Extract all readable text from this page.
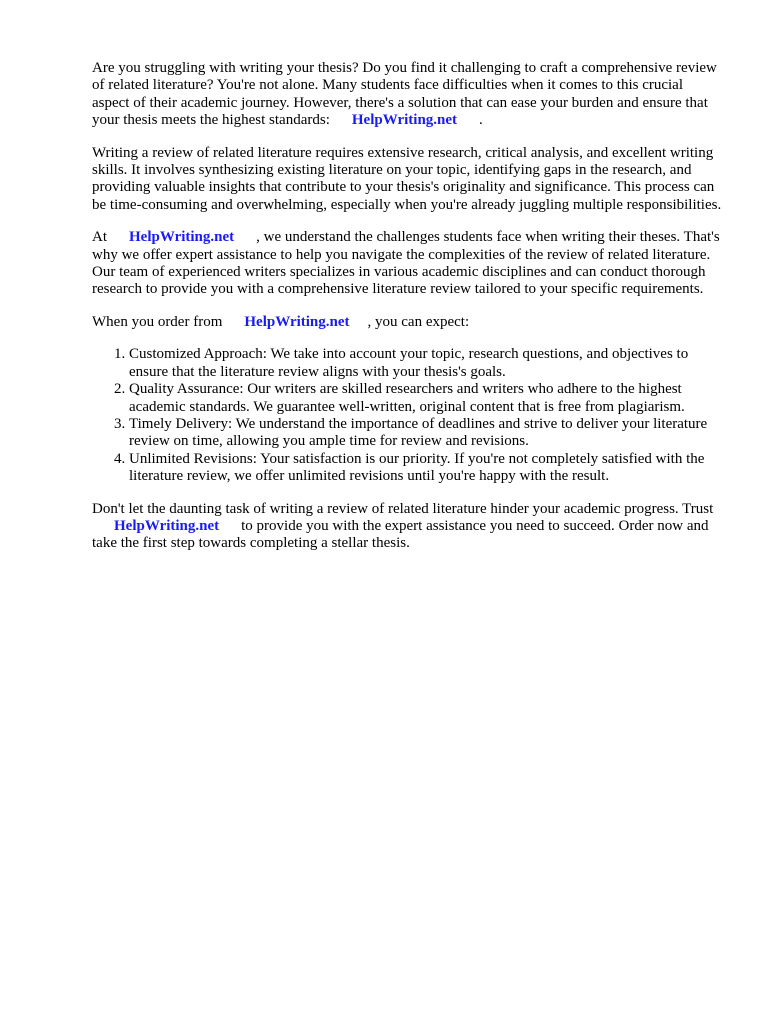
Are you struggling with writing your thesis? Do you find it challenging to craft a comprehensive review of related literature? You're not alone. Many students face difficulties when it comes to this crucial aspect of their academic journey. However, there's a solution that can ease your burden and ensure that your thesis meets the highest standards: HelpWriting.net .

Writing a review of related literature requires extensive research, critical analysis, and excellent writing skills. It involves synthesizing existing literature on your topic, identifying gaps in the research, and providing valuable insights that contribute to your thesis's originality and significance. This process can be time-consuming and overwhelming, especially when you're already juggling multiple responsibilities.

At HelpWriting.net , we understand the challenges students face when writing their theses. That's why we offer expert assistance to help you navigate the complexities of the review of related literature. Our team of experienced writers specializes in various academic disciplines and can conduct thorough research to provide you with a comprehensive literature review tailored to your specific requirements.

When you order from HelpWriting.net , you can expect:

1. Customized Approach: We take into account your topic, research questions, and objectives to ensure that the literature review aligns with your thesis's goals.
2. Quality Assurance: Our writers are skilled researchers and writers who adhere to the highest academic standards. We guarantee well-written, original content that is free from plagiarism.
3. Timely Delivery: We understand the importance of deadlines and strive to deliver your literature review on time, allowing you ample time for review and revisions.
4. Unlimited Revisions: Your satisfaction is our priority. If you're not completely satisfied with the literature review, we offer unlimited revisions until you're happy with the result.

Don't let the daunting task of writing a review of related literature hinder your academic progress. TrustHelpWriting.net to provide you with the expert assistance you need to succeed. Order now and take the first step towards completing a stellar thesis.
